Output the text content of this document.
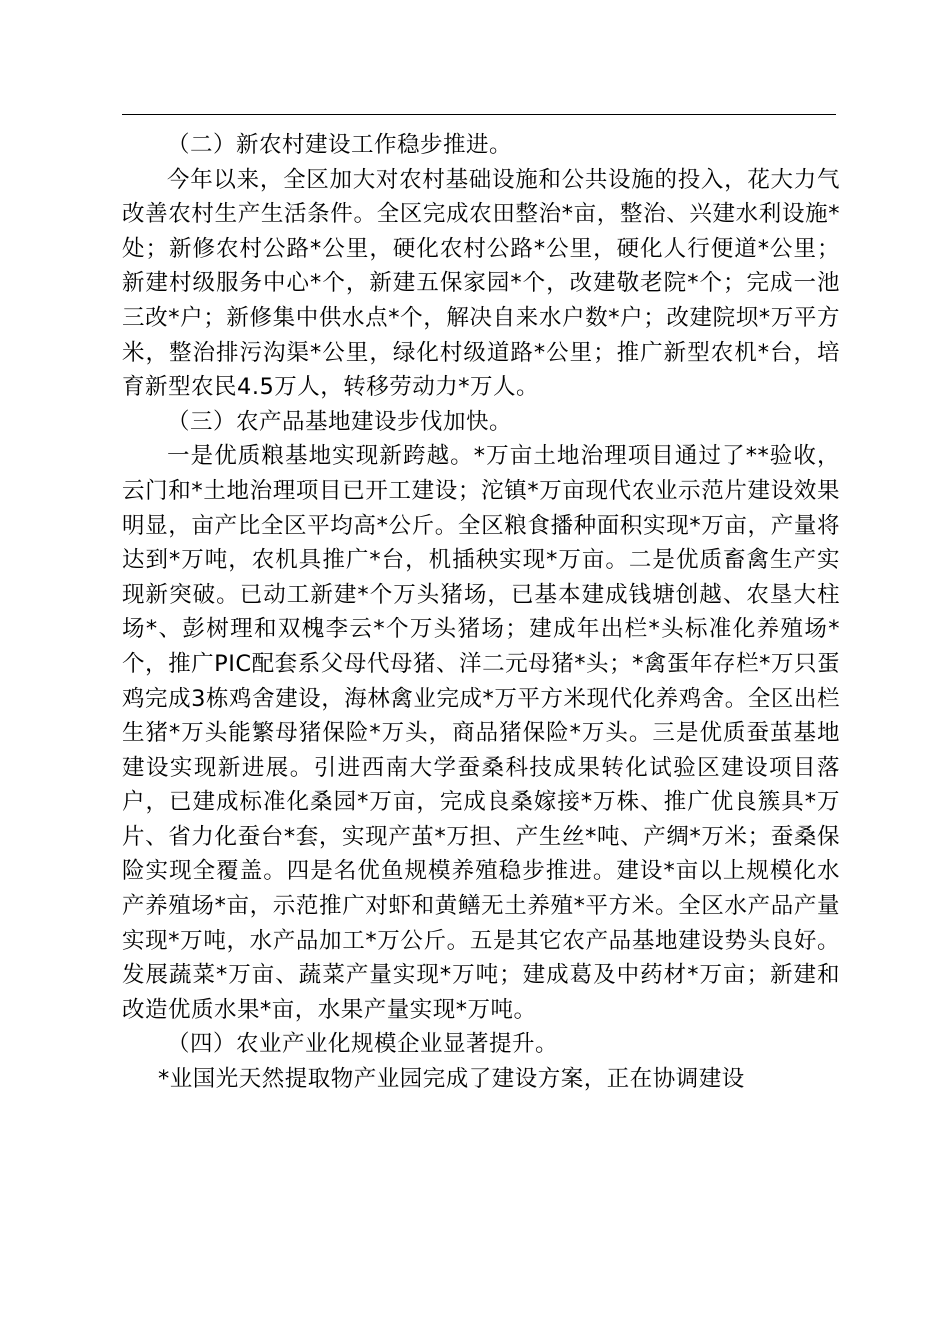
（二）新农村建设工作稳步推进。

今年以来，全区加大对农村基础设施和公共设施的投入，花大力气改善农村生产生活条件。全区完成农田整治*亩，整治、兴建水利设施*处；新修农村公路*公里，硬化农村公路*公里，硬化人行便道*公里；新建村级服务中心*个，新建五保家园*个，改建敬老院*个；完成一池三改*户；新修集中供水点*个，解决自来水户数*户；改建院坝*万平方米，整治排污沟渠*公里，绿化村级道路*公里；推广新型农机*台，培育新型农民4.5万人，转移劳动力*万人。

（三）农产品基地建设步伐加快。

一是优质粮基地实现新跨越。*万亩土地治理项目通过了**验收，云门和*土地治理项目已开工建设；沱镇*万亩现代农业示范片建设效果明显，亩产比全区平均高*公斤。全区粮食播种面积实现*万亩，产量将达到*万吨，农机具推广*台，机插秧实现*万亩。二是优质畜禽生产实现新突破。已动工新建*个万头猪场，已基本建成钱塘创越、农垦大柱场*、彭树理和双槐李云*个万头猪场；建成年出栏*头标准化养殖场*个，推广PIC配套系父母代母猪、洋二元母猪*头；*禽蛋年存栏*万只蛋鸡完成3栋鸡舍建设，海林禽业完成*万平方米现代化养鸡舍。全区出栏生猪*万头能繁母猪保险*万头，商品猪保险*万头。三是优质蚕茧基地建设实现新进展。引进西南大学蚕桑科技成果转化试验区建设项目落户，已建成标准化桑园*万亩，完成良桑嫁接*万株、推广优良簇具*万片、省力化蚕台*套，实现产茧*万担、产生丝*吨、产绸*万米；蚕桑保险实现全覆盖。四是名优鱼规模养殖稳步推进。建设*亩以上规模化水产养殖场*亩，示范推广对虾和黄鳝无土养殖*平方米。全区水产品产量实现*万吨，水产品加工*万公斤。五是其它农产品基地建设势头良好。发展蔬菜*万亩、蔬菜产量实现*万吨；建成葛及中药材*万亩；新建和改造优质水果*亩，水果产量实现*万吨。

（四）农业产业化规模企业显著提升。

*业国光天然提取物产业园完成了建设方案，正在协调建设
